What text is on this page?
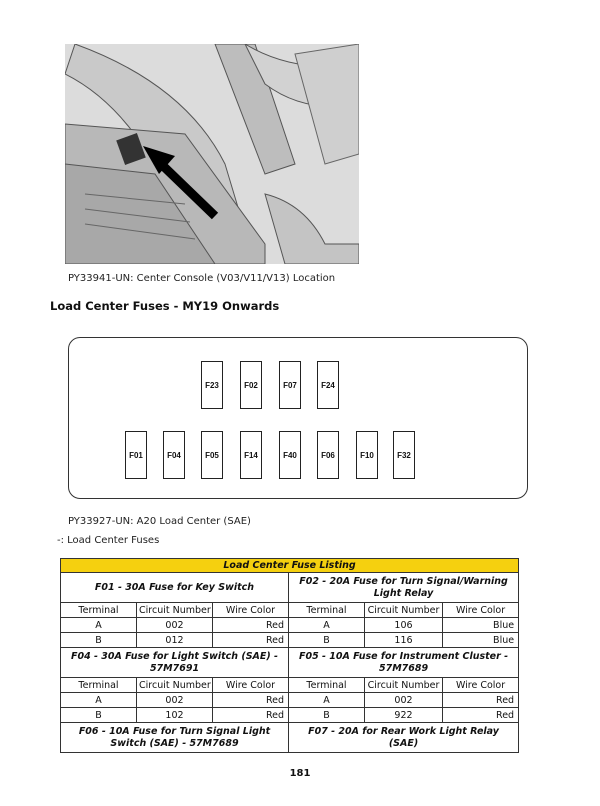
PY33941-UN: Center Console (V03/V11/V13) Location
Load Center Fuses - MY19 Onwards
F23	F02	F07	F24
F01	F04	F05	F14	F40	F06	F10	F32
PY33927-UN: A20 Load Center (SAE)
-: Load Center Fuses
Load Center Fuse Listing					
F01 - 30A Fuse for Key Switch			F02 - 20A Fuse for Turn Signal/Warning Light Relay		
Terminal	Circuit Number	Wire Color	Terminal	Circuit Number	Wire Color
A	002	Red	A	106	Blue
B	012	Red	B	116	Blue
F04 - 30A Fuse for Light Switch (SAE) - 57M7691			F05 - 10A Fuse for Instrument Cluster - 57M7689		
Terminal	Circuit Number	Wire Color	Terminal	Circuit Number	Wire Color
A	002	Red	A	002	Red
B	102	Red	B	922	Red
F06 - 10A Fuse for Turn Signal Light Switch (SAE) - 57M7689			F07 - 20A for Rear Work Light Relay (SAE)		
181
